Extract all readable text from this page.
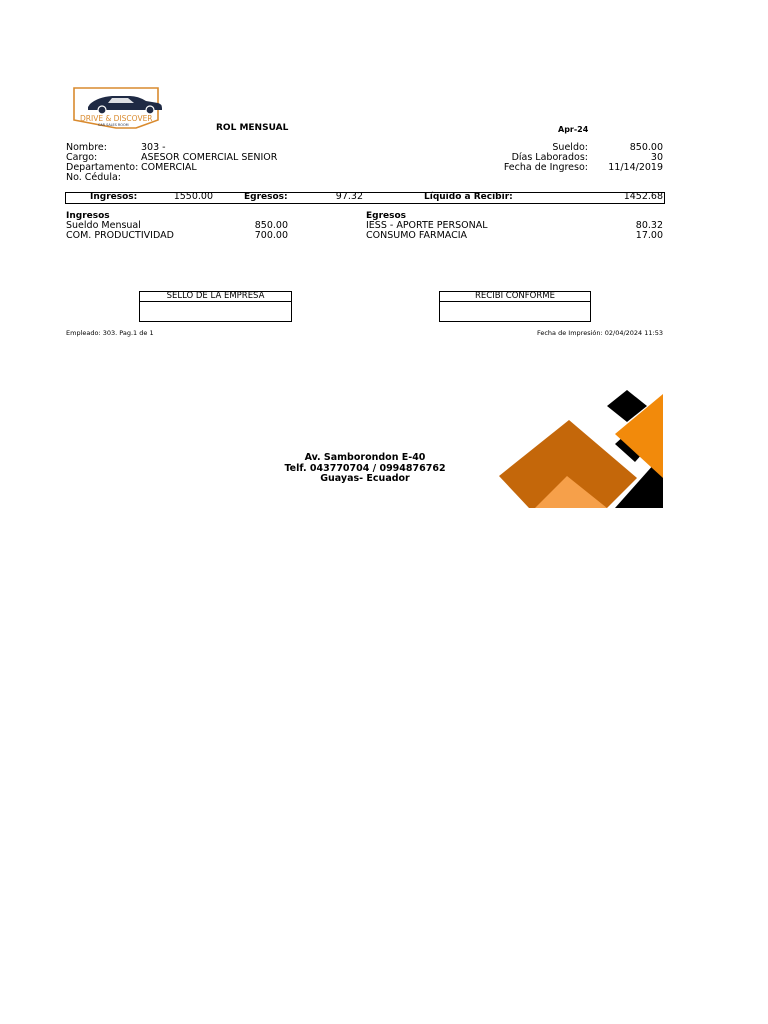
DRIVE & DISCOVER
CAR SALES ROOM	ROL MENSUAL	Apr-24
Nombre:	303 -
Cargo:	ASESOR COMERCIAL SENIOR
Departamento: COMERCIAL
No. Cédula:
Sueldo:	850.00
Días Laborados:	30
Fecha de Ingreso:	11/14/2019
Ingresos:	1550.00	Egresos:	97.32	Líquido a Recibir:	1452.68
Ingresos
Sueldo Mensual	850.00
COM. PRODUCTIVIDAD	700.00
Egresos
IESS - APORTE PERSONAL	80.32
CONSUMO FARMACIA	17.00
SELLO DE LA EMPRESA	RECIBI CONFORME
Empleado: 303. Pag.1 de 1	Fecha de Impresión: 02/04/2024 11:53
Av. Samborondon E-40
Telf. 043770704 / 0994876762
Guayas- Ecuador
